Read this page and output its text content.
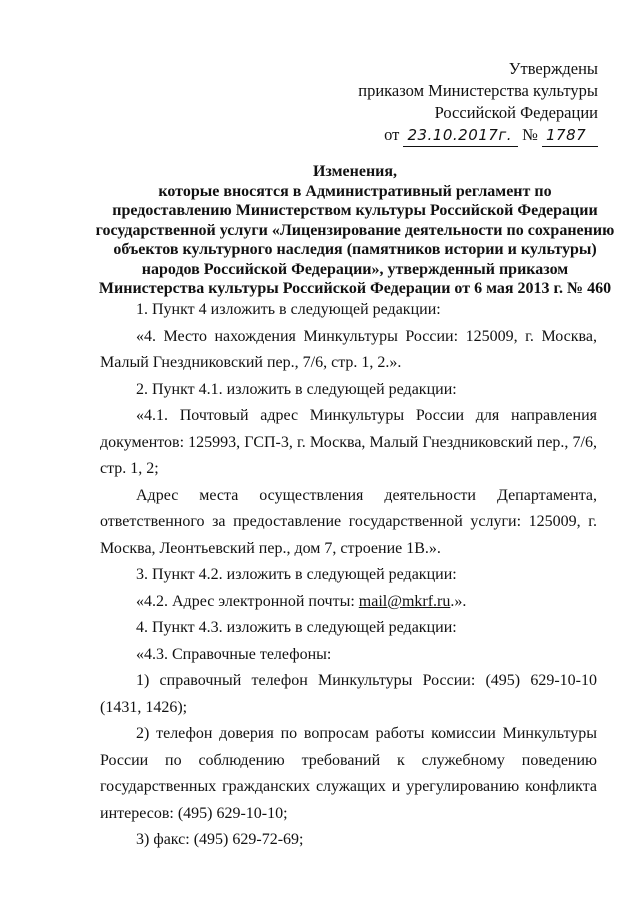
Утверждены
приказом Министерства культуры
Российской Федерации
от 23.10.2017г. № 1787
Изменения,
которые вносятся в Административный регламент по
предоставлению Министерством культуры Российской Федерации
государственной услуги «Лицензирование деятельности по сохранению
объектов культурного наследия (памятников истории и культуры)
народов Российской Федерации», утвержденный приказом
Министерства культуры Российской Федерации от 6 мая 2013 г. № 460
1. Пункт 4 изложить в следующей редакции:
«4. Место нахождения Минкультуры России: 125009, г. Москва, Малый Гнездниковский пер., 7/6, стр. 1, 2.».
2. Пункт 4.1. изложить в следующей редакции:
«4.1. Почтовый адрес Минкультуры России для направления документов: 125993, ГСП-3, г. Москва, Малый Гнездниковский пер., 7/6, стр. 1, 2;
Адрес места осуществления деятельности Департамента, ответственного за предоставление государственной услуги: 125009, г. Москва, Леонтьевский пер., дом 7, строение 1В.».
3. Пункт 4.2. изложить в следующей редакции:
«4.2. Адрес электронной почты: mail@mkrf.ru.».
4. Пункт 4.3. изложить в следующей редакции:
«4.3. Справочные телефоны:
1) справочный телефон Минкультуры России: (495) 629-10-10 (1431, 1426);
2) телефон доверия по вопросам работы комиссии Минкультуры России по соблюдению требований к служебному поведению государственных гражданских служащих и урегулированию конфликта интересов: (495) 629-10-10;
3) факс: (495) 629-72-69;
